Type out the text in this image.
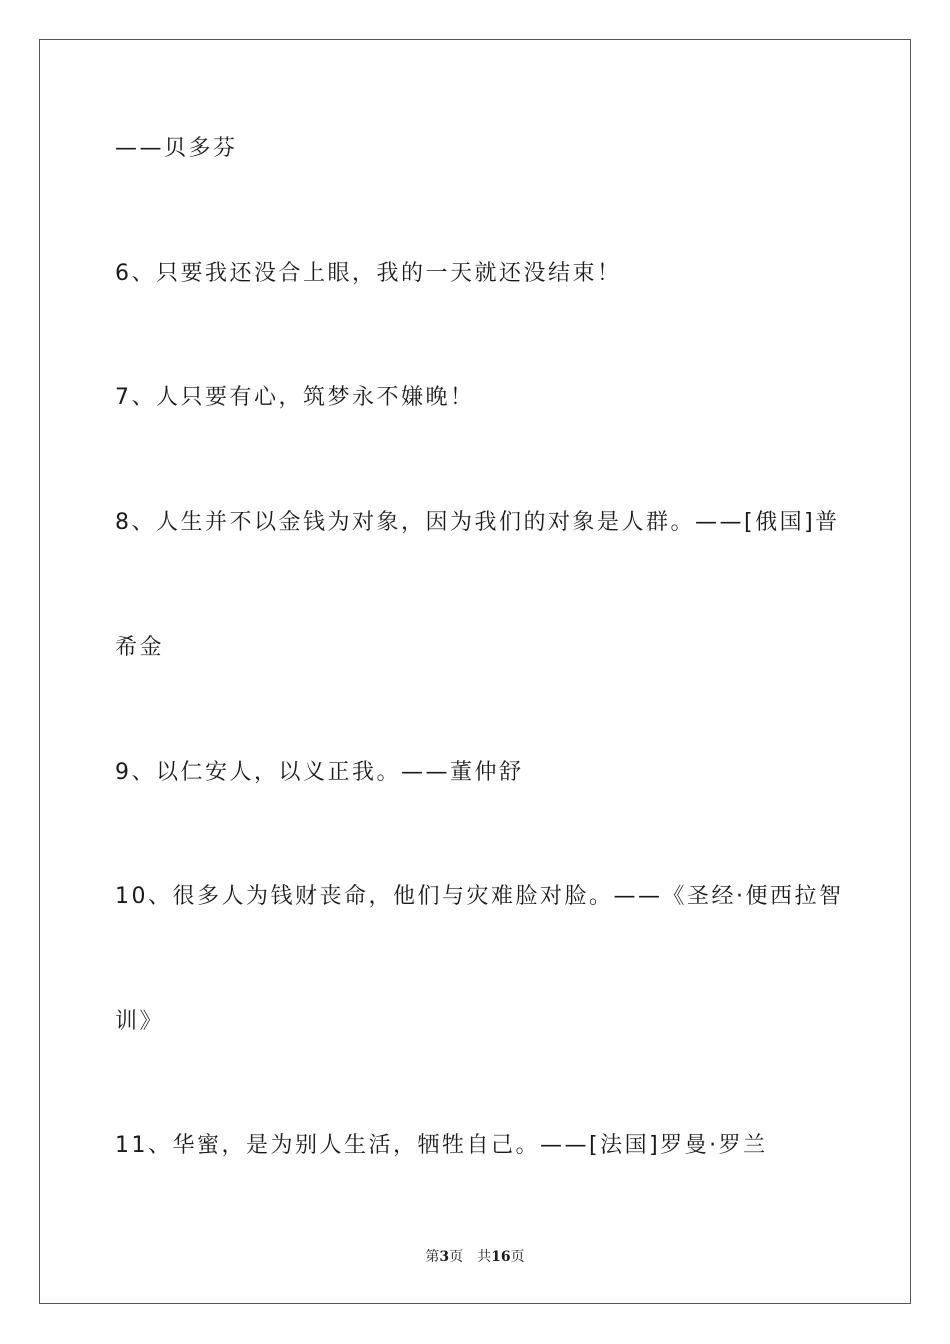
——贝多芬
6、只要我还没合上眼，我的一天就还没结束！
7、人只要有心，筑梦永不嫌晚！
8、人生并不以金钱为对象，因为我们的对象是人群。——[俄国]普
希金
9、以仁安人，以义正我。——董仲舒
10、很多人为钱财丧命，他们与灾难脸对脸。——《圣经·便西拉智
训》
11、华蜜，是为别人生活，牺牲自己。——[法国]罗曼·罗兰
第3页 共16页
